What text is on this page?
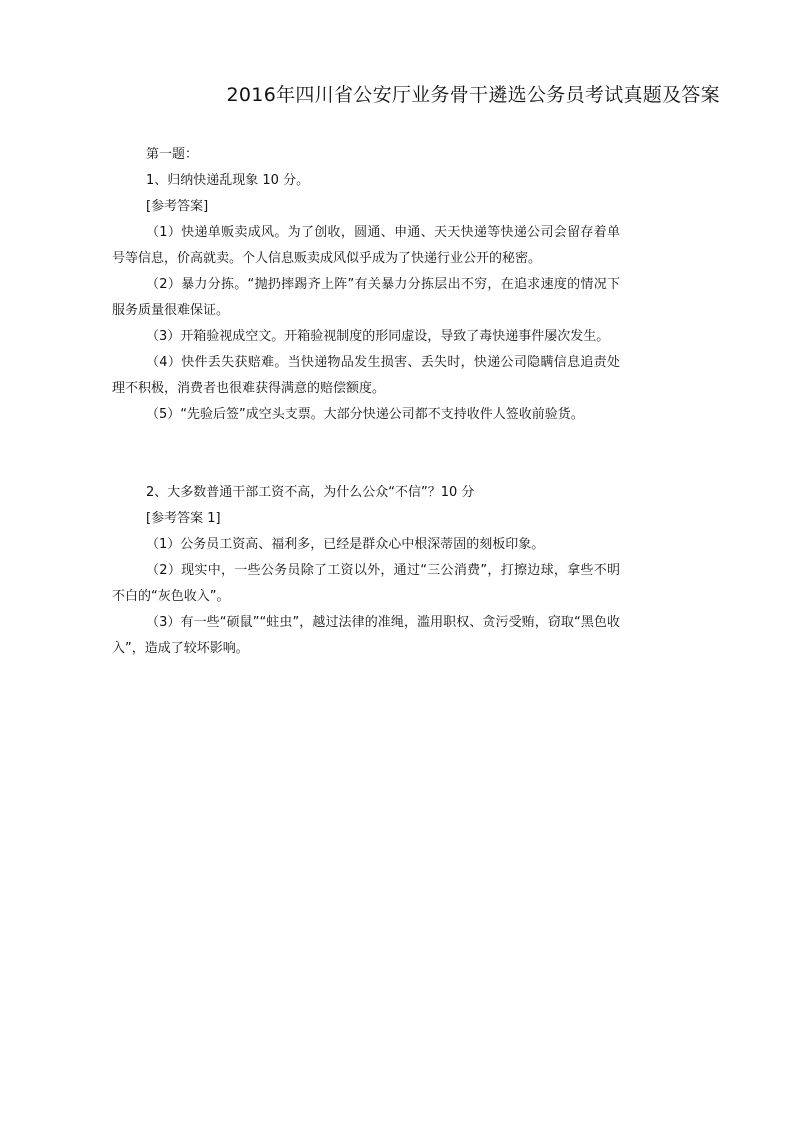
2016年四川省公安厅业务骨干遴选公务员考试真题及答案

第一题：

1、归纳快递乱现象 10 分。

[参考答案]

（1）快递单贩卖成风。为了创收，圆通、申通、天天快递等快递公司会留存着单号等信息，价高就卖。个人信息贩卖成风似乎成为了快递行业公开的秘密。

（2）暴力分拣。“抛扔摔踢齐上阵”有关暴力分拣层出不穷，在追求速度的情况下服务质量很难保证。

（3）开箱验视成空文。开箱验视制度的形同虚设，导致了毒快递事件屡次发生。

（4）快件丢失获赔难。当快递物品发生损害、丢失时，快递公司隐瞒信息追责处理不积极，消费者也很难获得满意的赔偿额度。

（5）“先验后签”成空头支票。大部分快递公司都不支持收件人签收前验货。

2、大多数普通干部工资不高，为什么公众“不信”？10 分

[参考答案 1]

（1）公务员工资高、福利多，已经是群众心中根深蒂固的刻板印象。

（2）现实中，一些公务员除了工资以外，通过“三公消费”，打擦边球，拿些不明不白的“灰色收入”。

（3）有一些“硕鼠”“蛀虫”，越过法律的准绳，滥用职权、贪污受贿，窃取“黑色收入”，造成了较坏影响。
